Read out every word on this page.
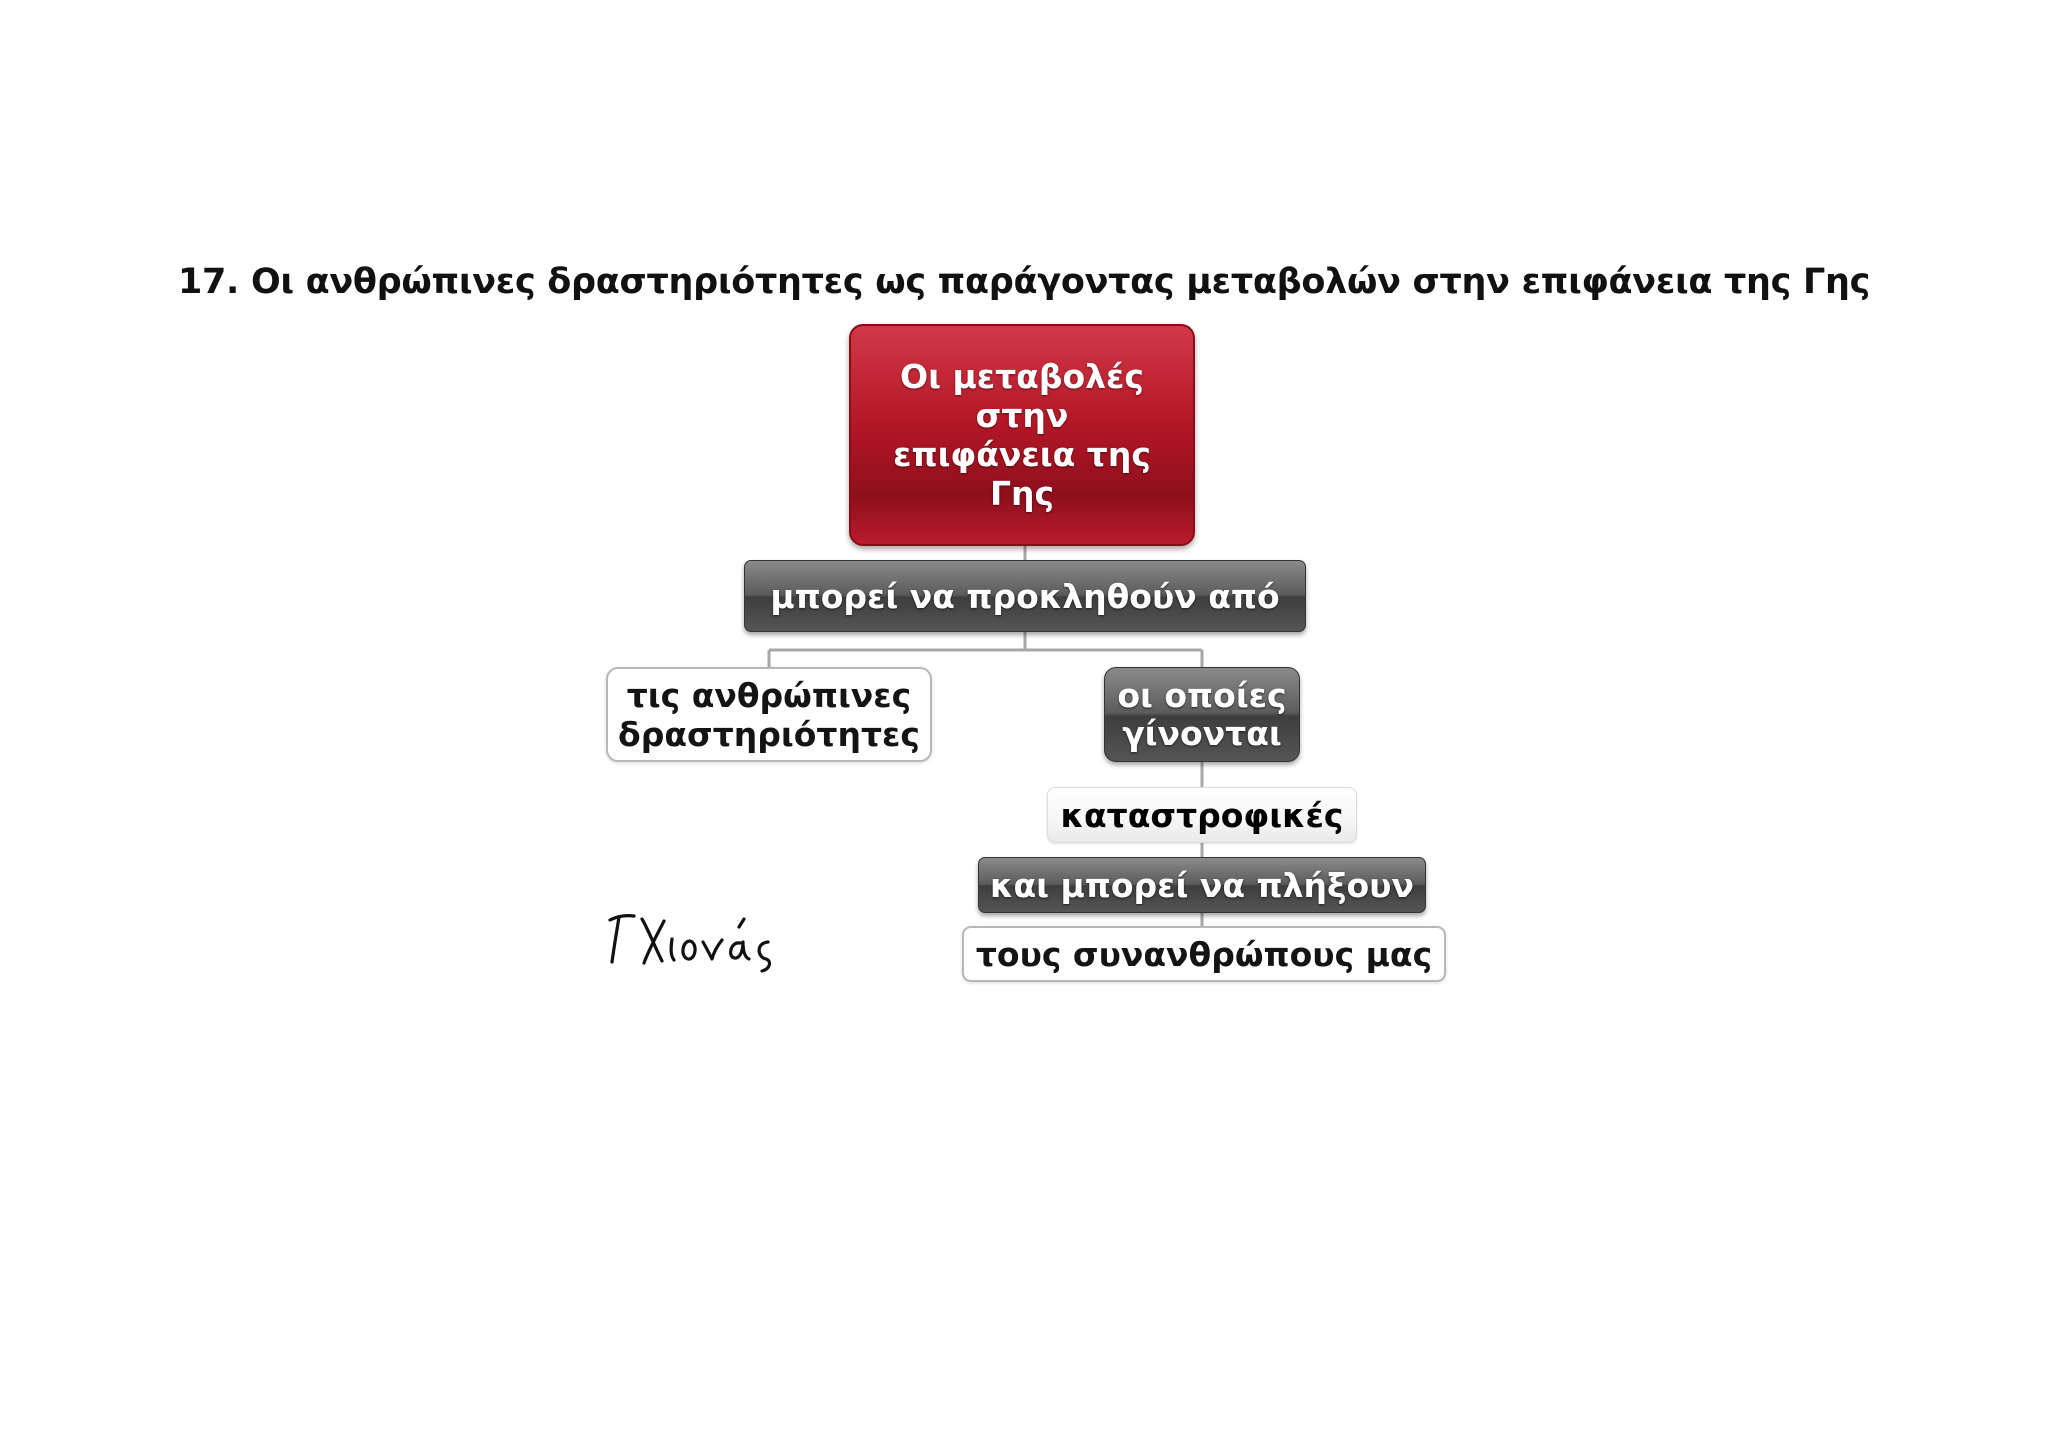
17. Οι ανθρώπινες δραστηριότητες ως παράγοντας μεταβολών στην επιφάνεια της Γης
Οι μεταβολές
στην
επιφάνεια της
Γης
μπορεί να προκληθούν από
τις ανθρώπινες
δραστηριότητες
οι οποίες
γίνονται
καταστροφικές
και μπορεί να πλήξουν
τους συνανθρώπους μας
